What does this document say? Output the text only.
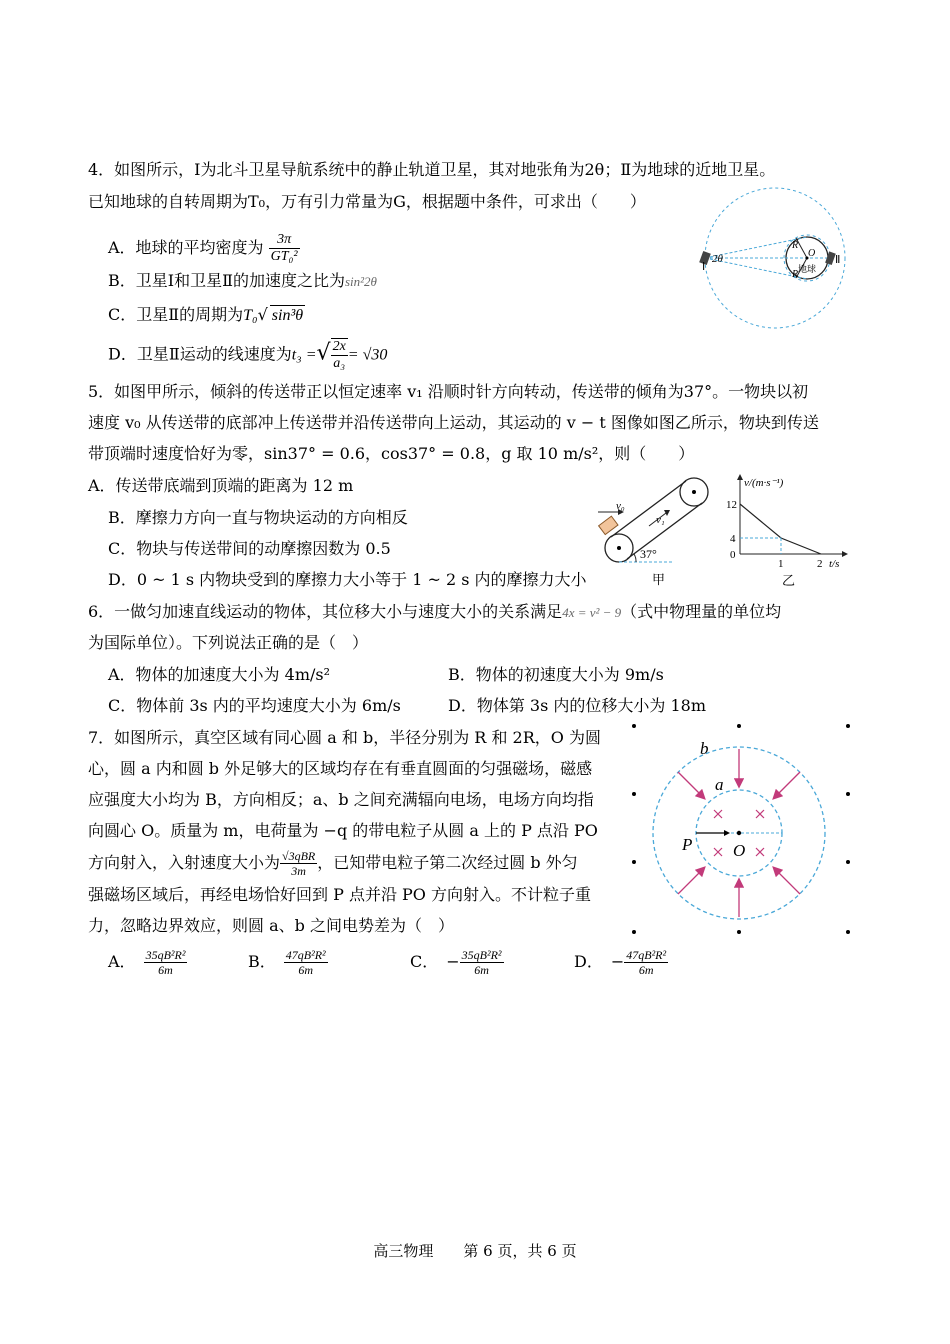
4．如图所示，Ⅰ为北斗卫星导航系统中的静止轨道卫星，其对地张角为2θ；Ⅱ为地球的近地卫星。
已知地球的自转周期为T₀，万有引力常量为G，根据题中条件，可求出（　　）
A．地球的平均密度为 $\frac{3\pi}{\text{GT₀²}}$
B．卫星Ⅰ和卫星Ⅱ的加速度之比为sin²2θ
C．卫星Ⅱ的周期为T₀√ sin³θ
D．卫星Ⅱ运动的线速度为t₃ =√ $\frac{2x}{\text{a₃}} = √30$
Ⅰ
2θ
R
R
O
地球
Ⅱ
5．如图甲所示，倾斜的传送带正以恒定速率 v₁ 沿顺时针方向转动，传送带的倾角为37°。一物块以初
速度 v₀ 从传送带的底部冲上传送带并沿传送带向上运动，其运动的 v − t 图像如图乙所示，物块到传送
带顶端时速度恰好为零，sin37° = 0.6，cos37° = 0.8，g 取 10 m/s²，则（　　）
A．传送带底端到顶端的距离为 12 m
B．摩擦力方向一直与物块运动的方向相反
C．物块与传送带间的动摩擦因数为 0.5
D．0 ~ 1 s 内物块受到的摩擦力大小等于 1 ~ 2 s 内的摩擦力大小
v₀
v₁
37°
甲
v/(m·s⁻¹)
12
4
0
1	2 t/s
乙
6．一做匀加速直线运动的物体，其位移大小与速度大小的关系满足4x = v² − 9（式中物理量的单位均
为国际单位）。下列说法正确的是（　）
A．物体的加速度大小为 4m/s²	B．物体的初速度大小为 9m/s
C．物体前 3s 内的平均速度大小为 6m/s	D．物体第 3s 内的位移大小为 18m
7．如图所示，真空区域有同心圆 a 和 b，半径分别为 R 和 2R，O 为圆
心，圆 a 内和圆 b 外足够大的区域均存在有垂直圆面的匀强磁场，磁感
应强度大小均为 B，方向相反；a、b 之间充满辐向电场，电场方向均指
向圆心 O。质量为 m，电荷量为 −q 的带电粒子从圆 a 上的 P 点沿 PO
方向射入，入射速度大小为 $\frac{\text{√3qBR}}{3m}$ ，已知带电粒子第二次经过圆 b 外匀
强磁场区域后，再经电场恰好回到 P 点并沿 PO 方向射入。不计粒子重
力，忽略边界效应，则圆 a、b 之间电势差为（　）
A． $\frac{\text{35qB²R²}}{6m}$	B． $\frac{\text{47qB²R²}}{6m}$	C． − $\frac{\text{35qB²R²}}{6m}$	D． − $\frac{\text{47qB²R²}}{6m}$
b
a
P O
高三物理　　第 6 页，共 6 页
